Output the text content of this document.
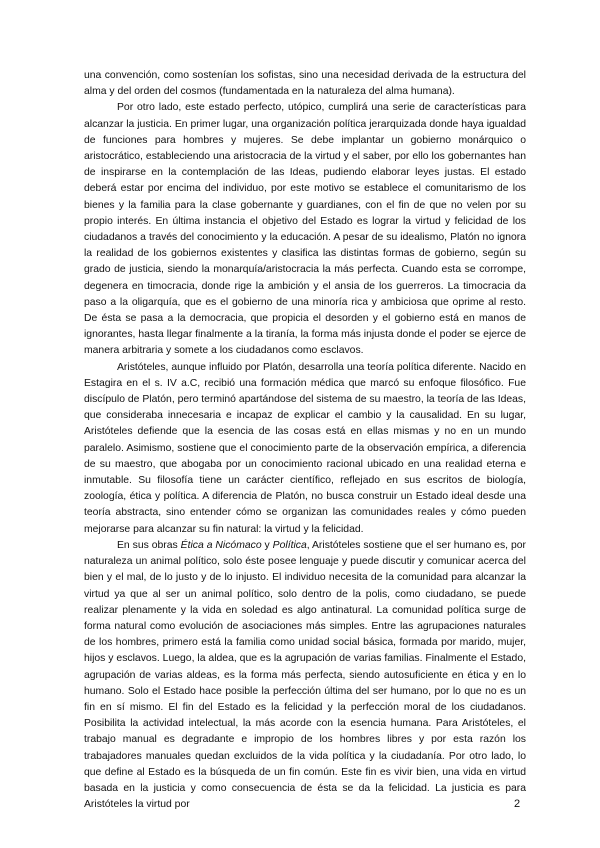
una convención, como sostenían los sofistas, sino una necesidad derivada de la estructura del alma y del orden del cosmos (fundamentada en la naturaleza del alma humana).

Por otro lado, este estado perfecto, utópico, cumplirá una serie de características para alcanzar la justicia. En primer lugar, una organización política jerarquizada donde haya igualdad de funciones para hombres y mujeres. Se debe implantar un gobierno monárquico o aristocrático, estableciendo una aristocracia de la virtud y el saber, por ello los gobernantes han de inspirarse en la contemplación de las Ideas, pudiendo elaborar leyes justas. El estado deberá estar por encima del individuo, por este motivo se establece el comunitarismo de los bienes y la familia para la clase gobernante y guardianes, con el fin de que no velen por su propio interés. En última instancia el objetivo del Estado es lograr la virtud y felicidad de los ciudadanos a través del conocimiento y la educación. A pesar de su idealismo, Platón no ignora la realidad de los gobiernos existentes y clasifica las distintas formas de gobierno, según su grado de justicia, siendo la monarquía/aristocracia la más perfecta. Cuando esta se corrompe, degenera en timocracia, donde rige la ambición y el ansia de los guerreros. La timocracia da paso a la oligarquía, que es el gobierno de una minoría rica y ambiciosa que oprime al resto. De ésta se pasa a la democracia, que propicia el desorden y el gobierno está en manos de ignorantes, hasta llegar finalmente a la tiranía, la forma más injusta donde el poder se ejerce de manera arbitraria y somete a los ciudadanos como esclavos.

Aristóteles, aunque influido por Platón, desarrolla una teoría política diferente. Nacido en Estagira en el s. IV a.C, recibió una formación médica que marcó su enfoque filosófico. Fue discípulo de Platón, pero terminó apartándose del sistema de su maestro, la teoría de las Ideas, que consideraba innecesaria e incapaz de explicar el cambio y la causalidad. En su lugar, Aristóteles defiende que la esencia de las cosas está en ellas mismas y no en un mundo paralelo. Asimismo, sostiene que el conocimiento parte de la observación empírica, a diferencia de su maestro, que abogaba por un conocimiento racional ubicado en una realidad eterna e inmutable. Su filosofía tiene un carácter científico, reflejado en sus escritos de biología, zoología, ética y política. A diferencia de Platón, no busca construir un Estado ideal desde una teoría abstracta, sino entender cómo se organizan las comunidades reales y cómo pueden mejorarse para alcanzar su fin natural: la virtud y la felicidad.

En sus obras Ética a Nicómaco y Política, Aristóteles sostiene que el ser humano es, por naturaleza un animal político, solo éste posee lenguaje y puede discutir y comunicar acerca del bien y el mal, de lo justo y de lo injusto. El individuo necesita de la comunidad para alcanzar la virtud ya que al ser un animal político, solo dentro de la polis, como ciudadano, se puede realizar plenamente y la vida en soledad es algo antinatural. La comunidad política surge de forma natural como evolución de asociaciones más simples. Entre las agrupaciones naturales de los hombres, primero está la familia como unidad social básica, formada por marido, mujer, hijos y esclavos. Luego, la aldea, que es la agrupación de varias familias. Finalmente el Estado, agrupación de varias aldeas, es la forma más perfecta, siendo autosuficiente en ética y en lo humano. Solo el Estado hace posible la perfección última del ser humano, por lo que no es un fin en sí mismo. El fin del Estado es la felicidad y la perfección moral de los ciudadanos. Posibilita la actividad intelectual, la más acorde con la esencia humana. Para Aristóteles, el trabajo manual es degradante e impropio de los hombres libres y por esta razón los trabajadores manuales quedan excluidos de la vida política y la ciudadanía. Por otro lado, lo que define al Estado es la búsqueda de un fin común. Este fin es vivir bien, una vida en virtud basada en la justicia y como consecuencia de ésta se da la felicidad. La justicia es para Aristóteles la virtud por	2
